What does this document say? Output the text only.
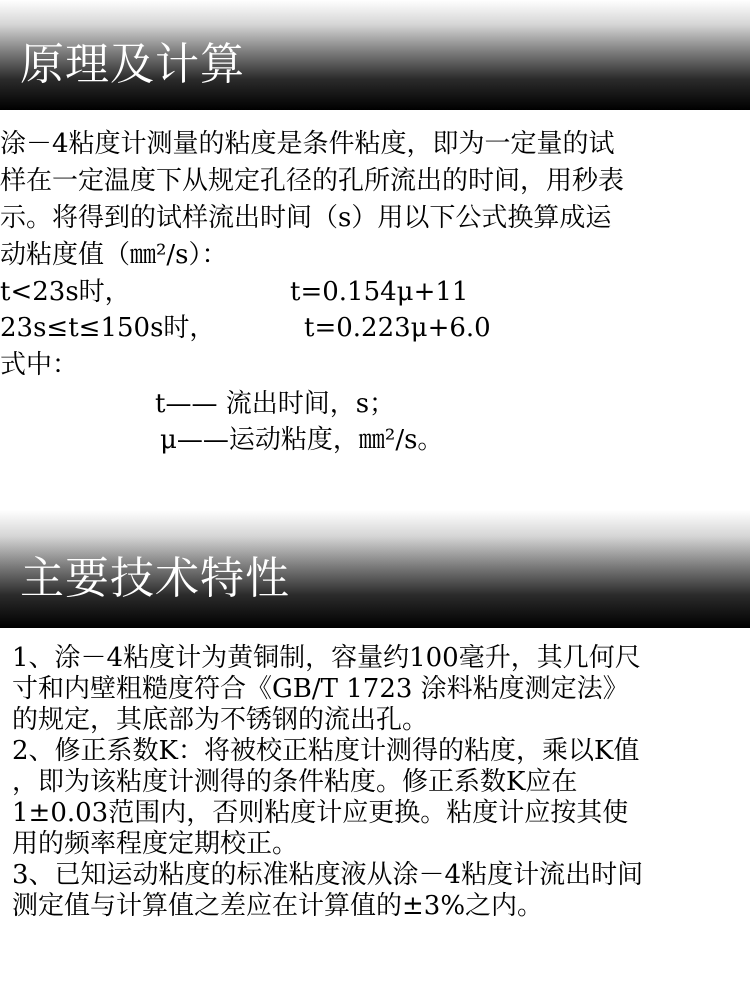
原理及计算
涂－4粘度计测量的粘度是条件粘度，即为一定量的试
样在一定温度下从规定孔径的孔所流出的时间，用秒表
示。将得到的试样流出时间（s）用以下公式换算成运
动粘度值（㎜²/s）：
t<23s时，	t=0.154μ+11
23s≤t≤150s时，	t=0.223μ+6.0
式中：
t—— 流出时间，s；
μ——运动粘度，㎜²/s。
主要技术特性
1、涂－4粘度计为黄铜制，容量约100毫升，其几何尺
寸和内壁粗糙度符合《GB/T 1723 涂料粘度测定法》
的规定，其底部为不锈钢的流出孔。
2、修正系数K：将被校正粘度计测得的粘度，乘以K值
，即为该粘度计测得的条件粘度。修正系数K应在
1±0.03范围内，否则粘度计应更换。粘度计应按其使
用的频率程度定期校正。
3、已知运动粘度的标准粘度液从涂－4粘度计流出时间
测定值与计算值之差应在计算值的±3%之内。
